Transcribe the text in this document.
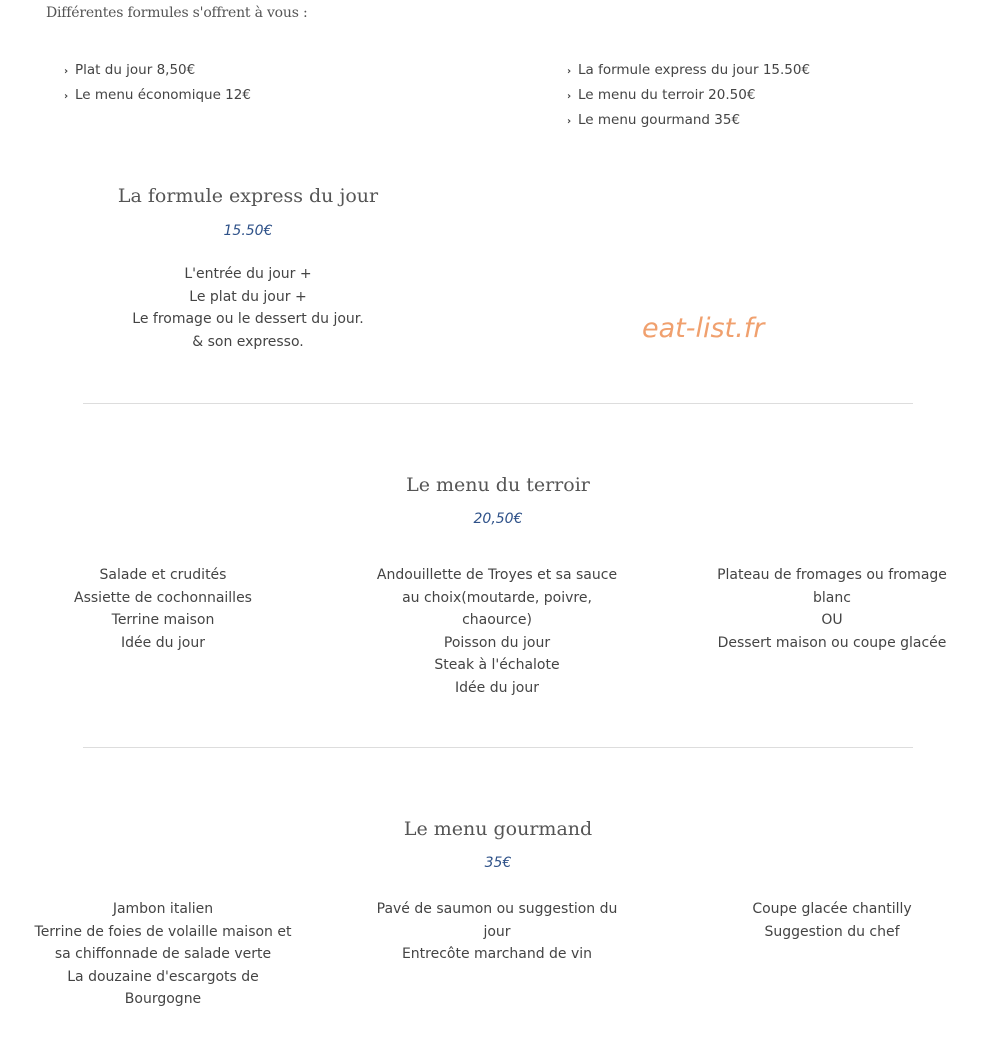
Différentes formules s'offrent à vous :
› Plat du jour 8,50€
› Le menu économique 12€
› La formule express du jour 15.50€
› Le menu du terroir 20.50€
› Le menu gourmand 35€
La formule express du jour
15.50€
L'entrée du jour +
Le plat du jour +
Le fromage ou le dessert du jour.
& son expresso.	eat-list.fr
Le menu du terroir
20,50€
Salade et crudités
Assiette de cochonnailles
Terrine maison
Idée du jour
Andouillette de Troyes et sa sauce
au choix(moutarde, poivre,
chaource)
Poisson du jour
Steak à l'échalote
Idée du jour
Plateau de fromages ou fromage
blanc
OU
Dessert maison ou coupe glacée
Le menu gourmand
35€
Jambon italien
Terrine de foies de volaille maison et
sa chiffonnade de salade verte
La douzaine d'escargots de
Bourgogne
Pavé de saumon ou suggestion du
jour
Entrecôte marchand de vin
Coupe glacée chantilly
Suggestion du chef
